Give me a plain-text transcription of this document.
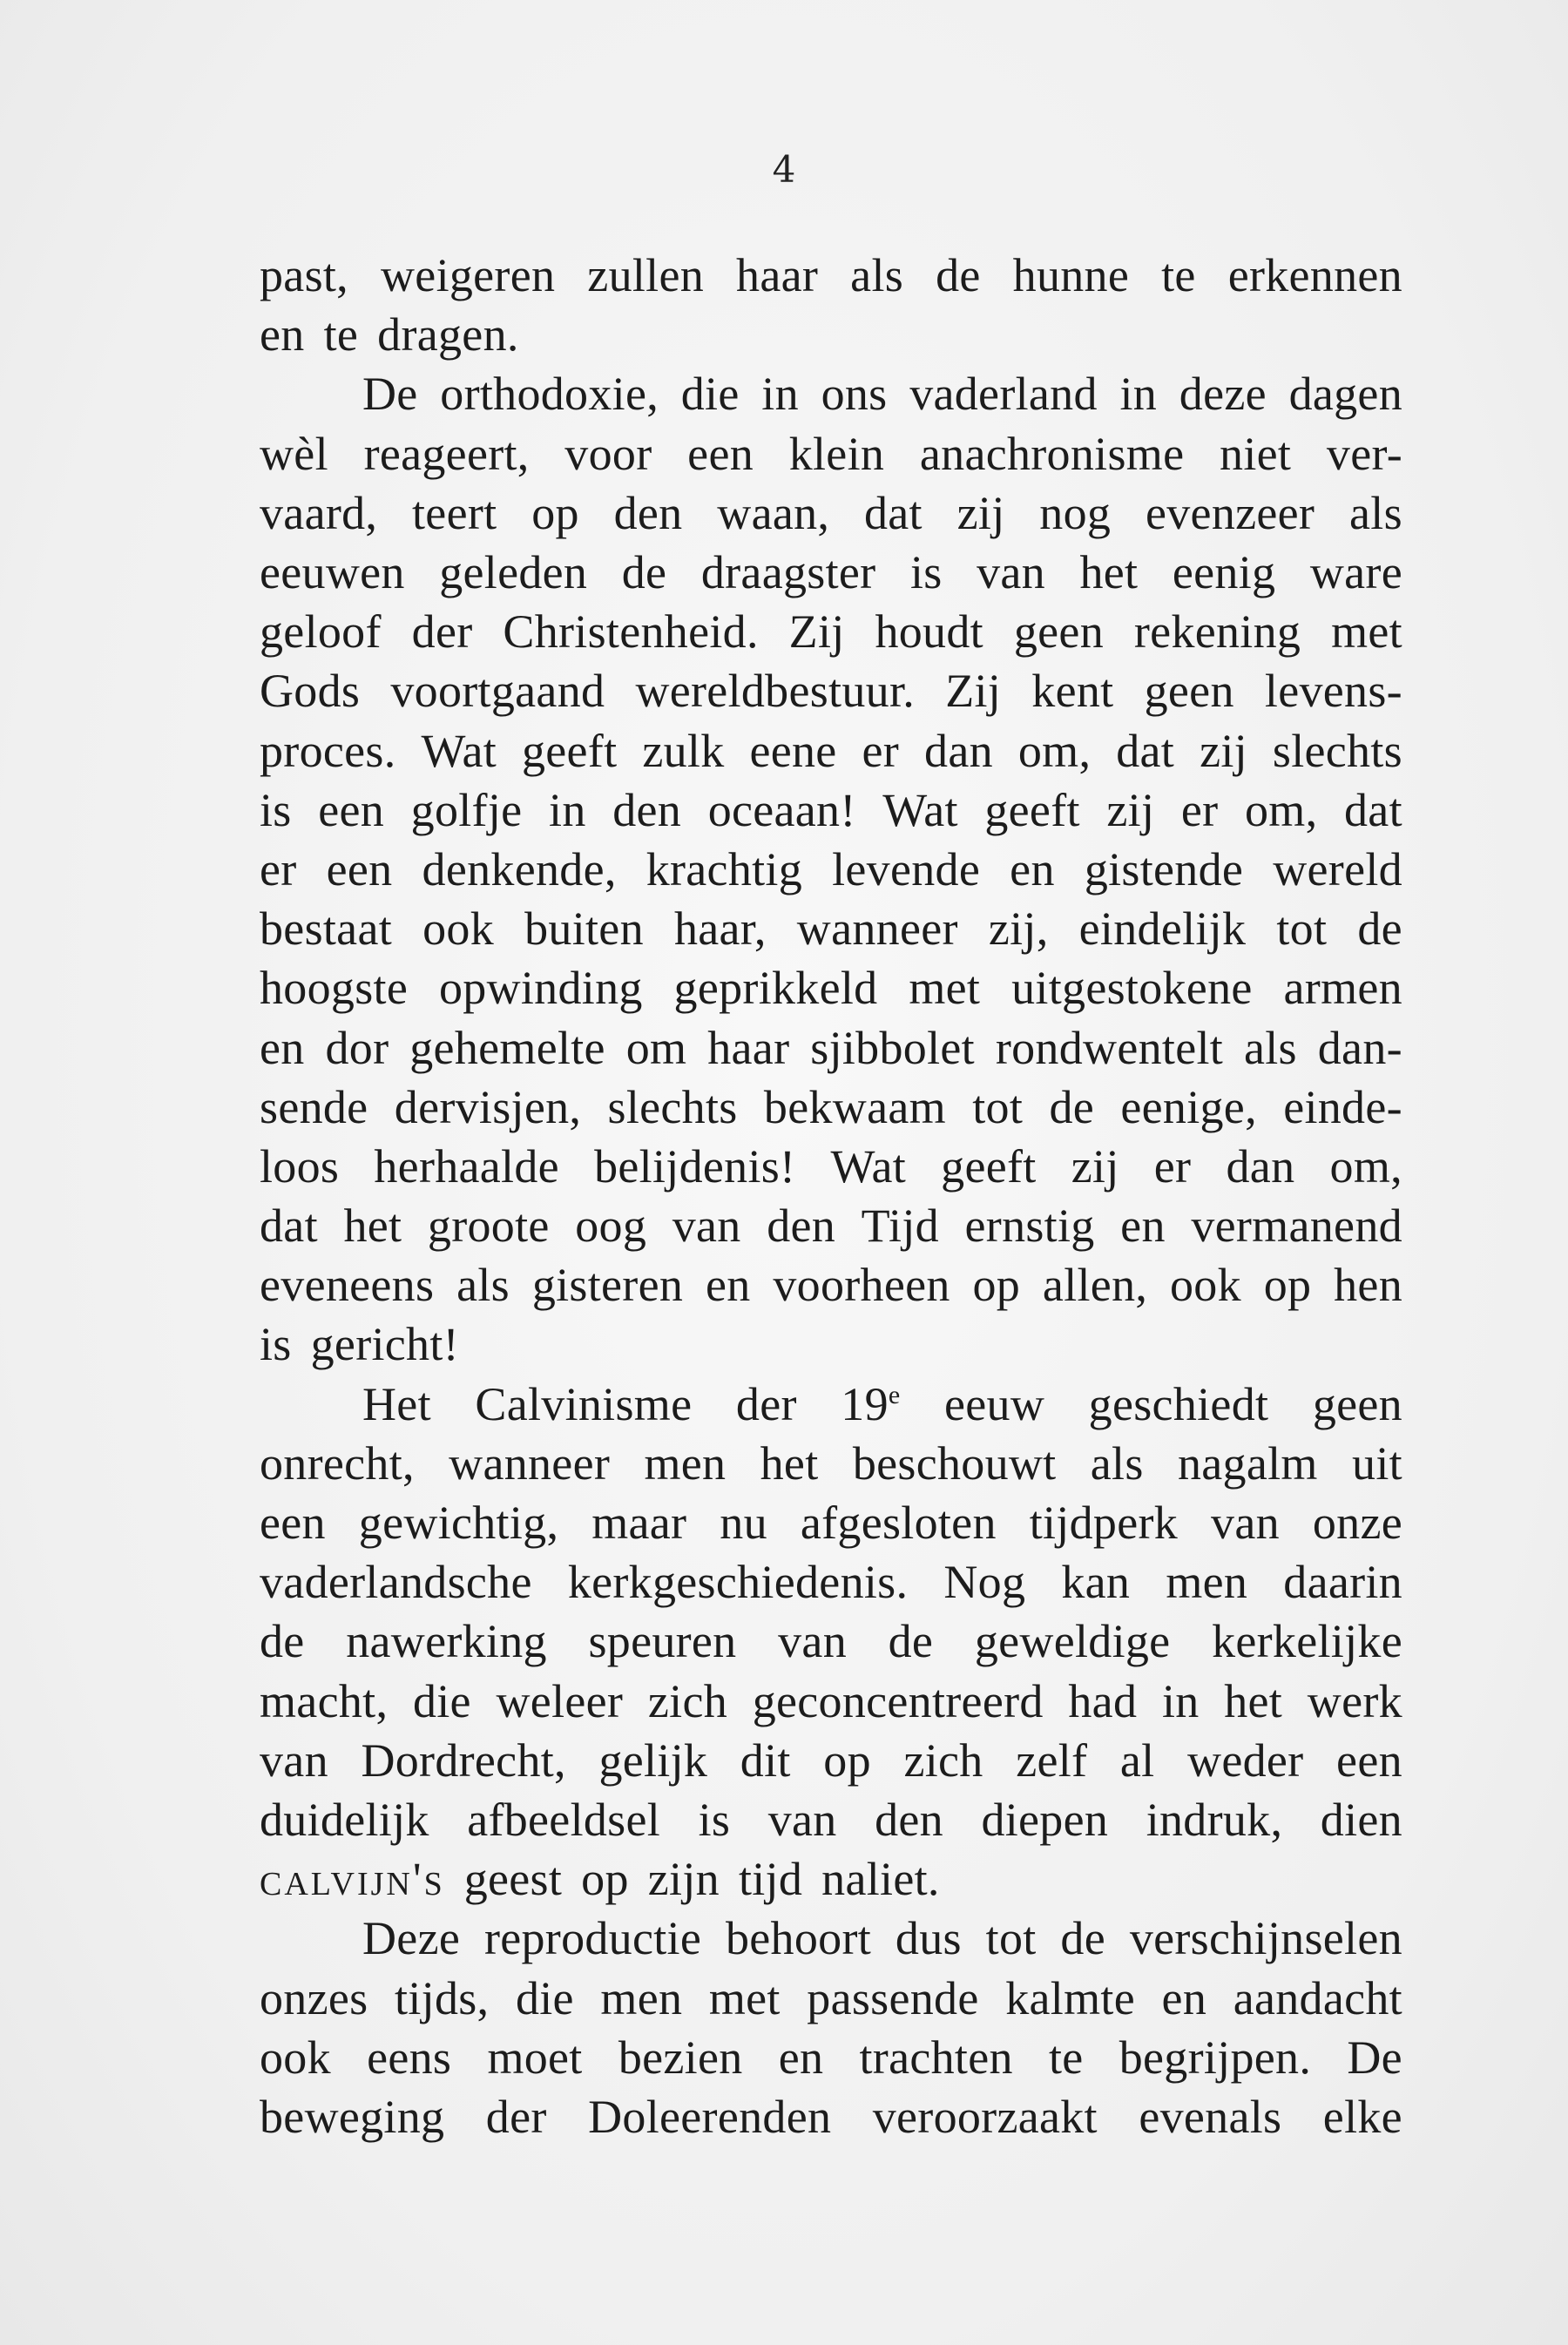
4
past, weigeren zullen haar als de hunne te erkennen
en te dragen.
De orthodoxie, die in ons vaderland in deze dagen
wèl reageert, voor een klein anachronisme niet ver-
vaard, teert op den waan, dat zij nog evenzeer als
eeuwen geleden de draagster is van het eenig ware
geloof der Christenheid. Zij houdt geen rekening met
Gods voortgaand wereldbestuur. Zij kent geen levens-
proces. Wat geeft zulk eene er dan om, dat zij slechts
is een golfje in den oceaan! Wat geeft zij er om, dat
er een denkende, krachtig levende en gistende wereld
bestaat ook buiten haar, wanneer zij, eindelijk tot de
hoogste opwinding geprikkeld met uitgestokene armen
en dor gehemelte om haar sjibbolet rondwentelt als dan-
sende dervisjen, slechts bekwaam tot de eenige, einde-
loos herhaalde belijdenis! Wat geeft zij er dan om,
dat het groote oog van den Tijd ernstig en vermanend
eveneens als gisteren en voorheen op allen, ook op hen
is gericht!
Het Calvinisme der 19e eeuw geschiedt geen
onrecht, wanneer men het beschouwt als nagalm uit
een gewichtig, maar nu afgesloten tijdperk van onze
vaderlandsche kerkgeschiedenis. Nog kan men daarin
de nawerking speuren van de geweldige kerkelijke
macht, die weleer zich geconcentreerd had in het werk
van Dordrecht, gelijk dit op zich zelf al weder een
duidelijk afbeeldsel is van den diepen indruk, dien
calvijn's geest op zijn tijd naliet.
Deze reproductie behoort dus tot de verschijnselen
onzes tijds, die men met passende kalmte en aandacht
ook eens moet bezien en trachten te begrijpen. De
beweging der Doleerenden veroorzaakt evenals elke
